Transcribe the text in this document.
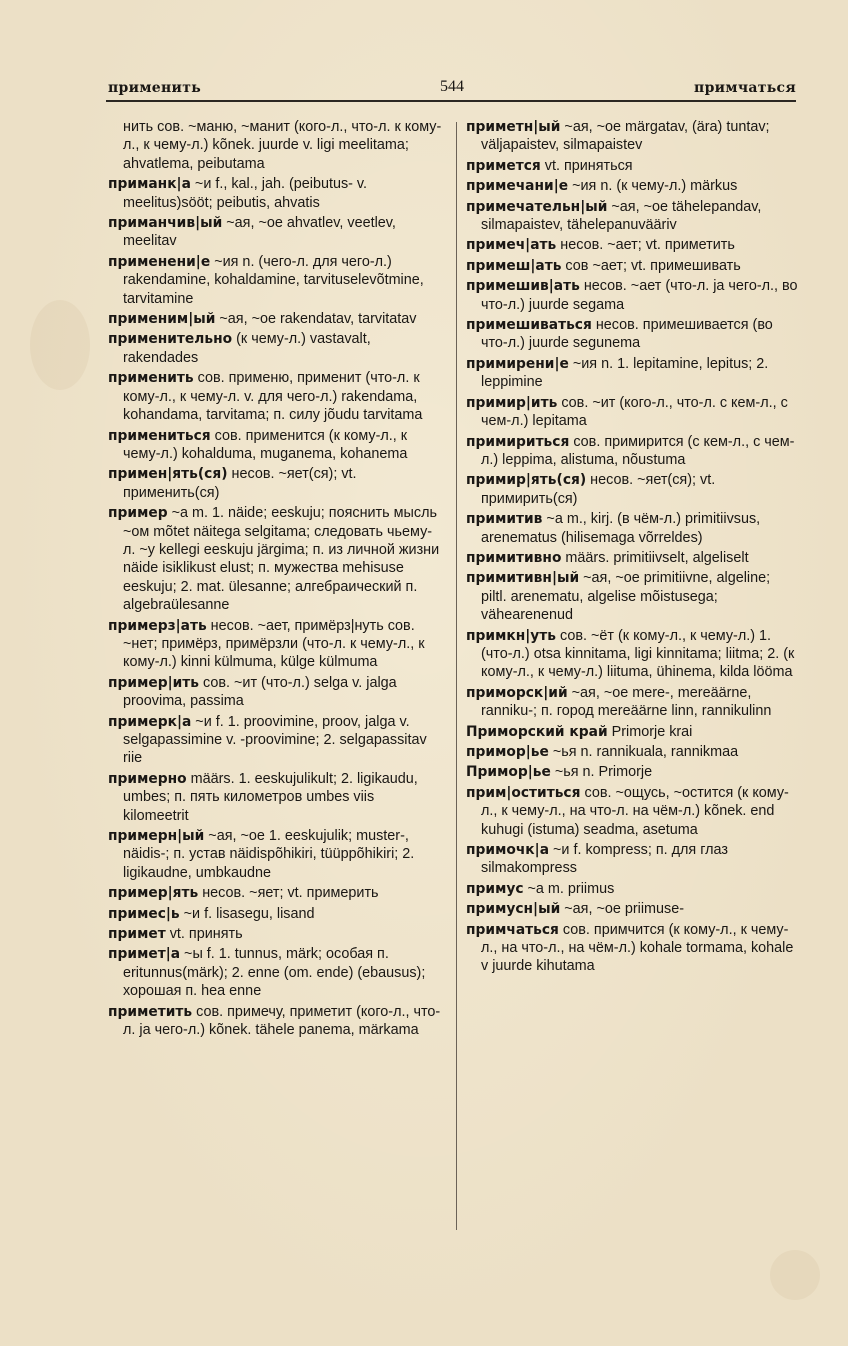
применить	544	примчаться

нить сов. ~маню, ~манит (кого-л., что-л. к кому-л., к чему-л.) kõnek. juurde v. ligi meelitama; ahvatlema, peibutama

приманк|а ~и f., kal., jah. (peibutus- v. meelitus)sööt; peibutis, ahvatis

приманчив|ый ~ая, ~ое ahvatlev, veetlev, meelitav

применени|е ~ия n. (чего-л. для чего-л.) rakendamine, kohaldamine, tarvituselevõtmine, tarvitamine

применим|ый ~ая, ~ое rakendatav, tarvitatav

применительно (к чему-л.) vastavalt, rakendades

применить сов. применю, применит (что-л. к кому-л., к чему-л. v. для чего-л.) rakendama, kohandama, tarvitama; п. силу jõudu tarvitama

примениться сов. применится (к кому-л., к чему-л.) kohalduma, muganema, kohanema

примен|ять(ся) несов. ~яет(ся); vt. применить(ся)

пример ~а m. 1. näide; eeskuju; пояснить мысль ~ом mõtet näitega selgitama; следовать чьему-л. ~у kellegi eeskuju järgima; п. из личной жизни näide isiklikust elust; п. мужества mehisuse eeskuju; 2. mat. ülesanne; алгебраический п. algebraülesanne

примерз|ать несов. ~ает, примёрз|нуть сов. ~нет; примёрз, примёрзли (что-л. к чему-л., к кому-л.) kinni külmuma, külge külmuma

пример|ить сов. ~ит (что-л.) selga v. jalga proovima, passima

примерк|а ~и f. 1. proovimine, proov, jalga v. selgapassimine v. -proovimine; 2. selgapassitav riie

примерно määrs. 1. eeskujulikult; 2. ligikaudu, umbes; п. пять километров umbes viis kilomeetrit

примерн|ый ~ая, ~ое 1. eeskujulik; muster-, näidis-; п. устав näidispõhikiri, tüüppõhikiri; 2. ligikaudne, umbkaudne

пример|ять несов. ~яет; vt. примерить

примес|ь ~и f. lisasegu, lisand

примет vt. принять

примет|а ~ы f. 1. tunnus, märk; особая п. eritunnus(märk); 2. enne (om. ende) (ebausus); хорошая п. hea enne

приметить сов. примечу, приметит (кого-л., что-л. ja чего-л.) kõnek. tähele panema, märkama

приметн|ый ~ая, ~ое märgatav, (ära) tuntav; väljapaistev, silmapaistev

примется vt. приняться

примечани|е ~ия n. (к чему-л.) märkus

примечательн|ый ~ая, ~ое tähelepandav, silmapaistev, tähelepanuvääriv

примеч|ать несов. ~ает; vt. приметить

примеш|ать сов ~ает; vt. примешивать

примешив|ать несов. ~ает (что-л. ja чего-л., во что-л.) juurde segama

примешиваться несов. примешивается (во что-л.) juurde segunema

примирени|е ~ия n. 1. lepitamine, lepitus; 2. leppimine

примир|ить сов. ~ит (кого-л., что-л. с кем-л., с чем-л.) lepitama

примириться сов. примирится (с кем-л., с чем-л.) leppima, alistuma, nõustuma

примир|ять(ся) несов. ~яет(ся); vt. примирить(ся)

примитив ~а m., kirj. (в чём-л.) primitiivsus, arenematus (hilisemaga võrreldes)

примитивно määrs. primitiivselt, algeliselt

примитивн|ый ~ая, ~ое primitiivne, algeline; piltl. arenematu, algelise mõistusega; vähearenenud

примкн|уть сов. ~ёт (к кому-л., к чему-л.) 1. (что-л.) otsa kinnitama, ligi kinnitama; liitma; 2. (к кому-л., к чему-л.) liituma, ühinema, kilda lööma

приморск|ий ~ая, ~ое mere-, mereäärne, ranniku-; п. город mereäärne linn, rannikulinn

Приморский край Primorje krai

примор|ье ~ья n. rannikuala, rannikmaa

Примор|ье ~ья n. Primorje

прим|оститься сов. ~ощусь, ~остится (к кому-л., к чему-л., на что-л. на чём-л.) kõnek. end kuhugi (istuma) seadma, asetuma

примочк|а ~и f. kompress; п. для глаз silmakompress

примус ~а m. priimus

примусн|ый ~ая, ~ое priimuse-

примчаться сов. примчится (к кому-л., к чему-л., на что-л., на чём-л.) kohale tormama, kohale v juurde kihutama
